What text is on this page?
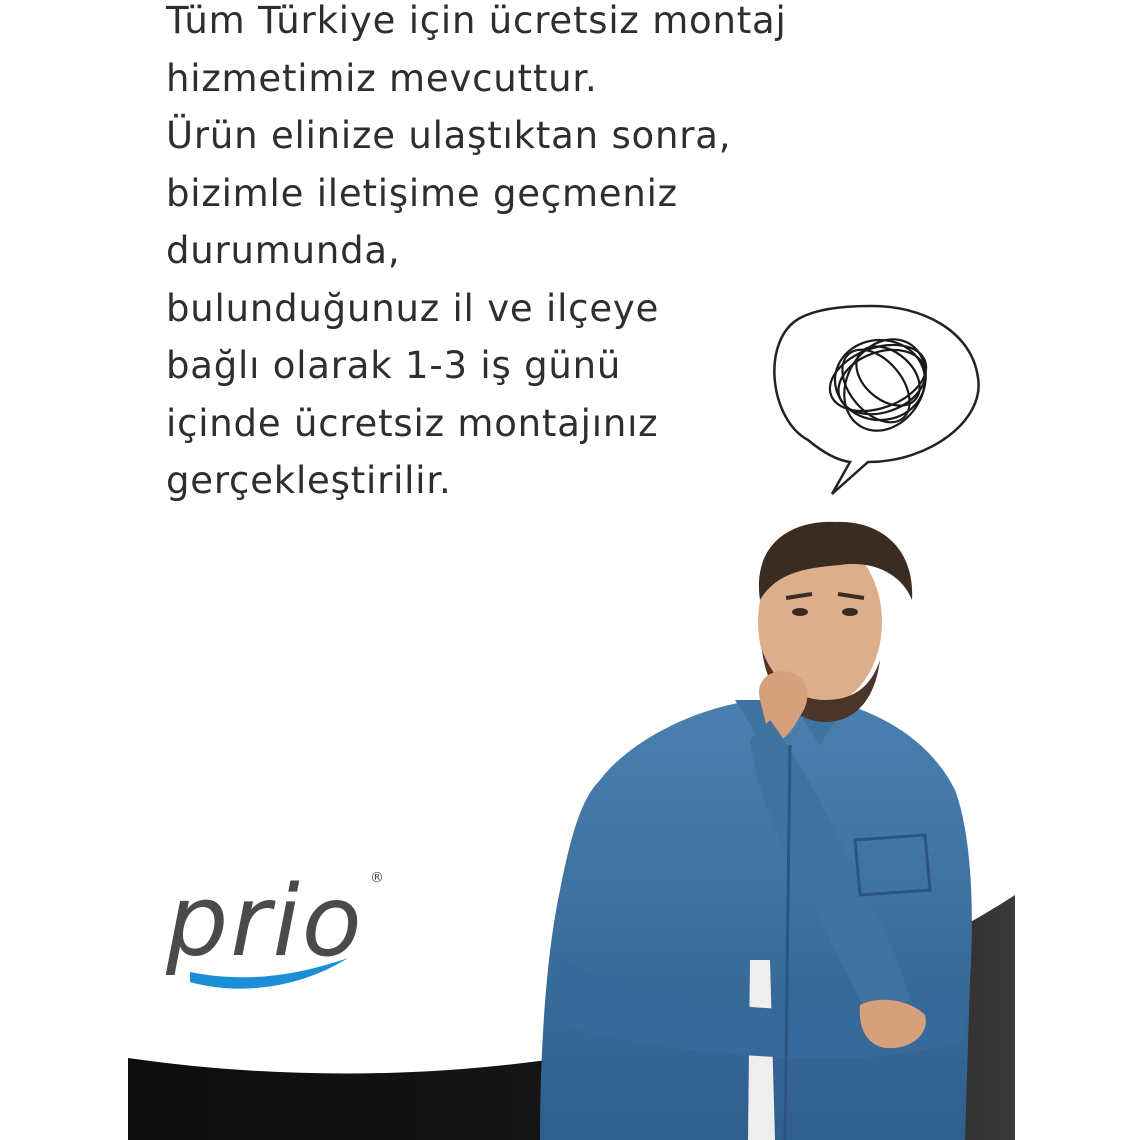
Tüm Türkiye için ücretsiz montaj
hizmetimiz mevcuttur.
Ürün elinize ulaştıktan sonra,
bizimle iletişime geçmeniz
durumunda,
bulunduğunuz il ve ilçeye
bağlı olarak 1-3 iş günü
içinde ücretsiz montajınız
gerçekleştirilir.
prio ®
